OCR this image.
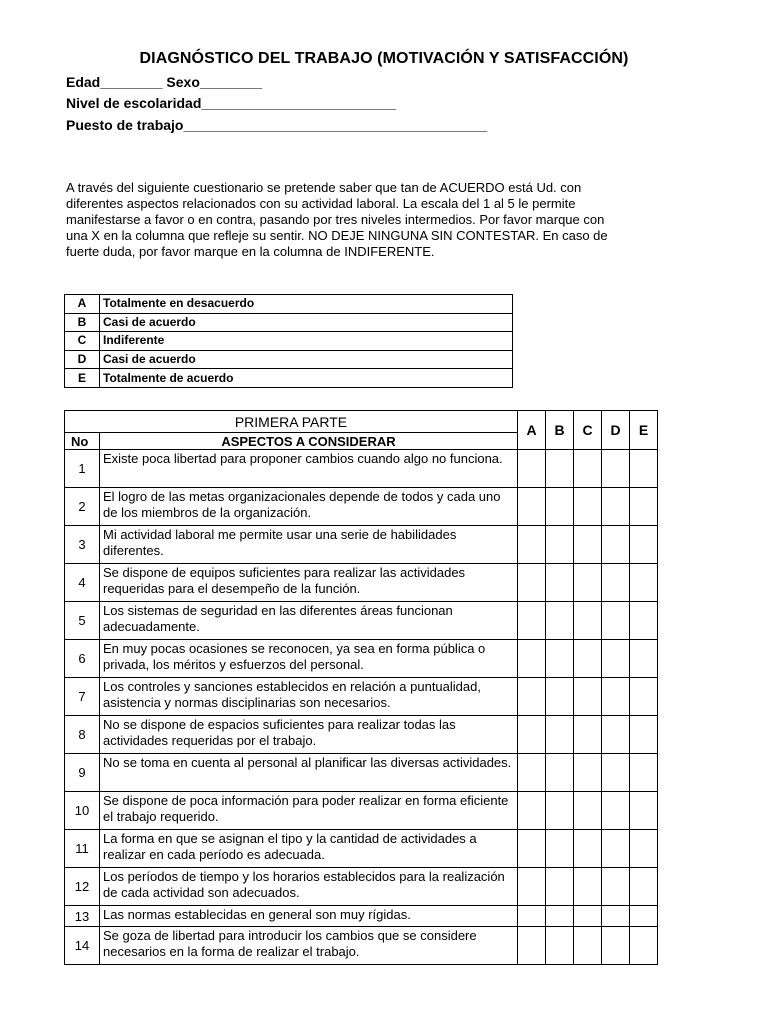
DIAGNÓSTICO DEL TRABAJO (MOTIVACIÓN Y SATISFACCIÓN)
Edad________ Sexo________
Nivel de escolaridad_________________________
Puesto de trabajo_______________________________________
A través del siguiente cuestionario se pretende saber que tan de ACUERDO está Ud. con
diferentes aspectos relacionados con su actividad laboral. La escala del 1 al 5 le permite
manifestarse a favor o en contra, pasando por tres niveles intermedios. Por favor marque con
una X en la columna que refleje su sentir. NO DEJE NINGUNA SIN CONTESTAR. En caso de
fuerte duda, por favor marque en la columna de INDIFERENTE.
A	Totalmente en desacuerdo
B	Casi de acuerdo
C	Indiferente
D	Casi de acuerdo
E	Totalmente de acuerdo
PRIMERA PARTE		A	B	C	D	E
No	ASPECTOS A CONSIDERAR					
1	Existe poca libertad para proponer cambios cuando algo no funciona.					
2	El logro de las metas organizacionales depende de todos y cada uno de los miembros de la organización.					
3	Mi actividad laboral me permite usar una serie de habilidades diferentes.					
4	Se dispone de equipos suficientes para realizar las actividades requeridas para el desempeño de la función.					
5	Los sistemas de seguridad en las diferentes áreas funcionan adecuadamente.					
6	En muy pocas ocasiones se reconocen, ya sea en forma pública o privada, los méritos y esfuerzos del personal.					
7	Los controles y sanciones establecidos en relación a puntualidad, asistencia y normas disciplinarias son necesarios.					
8	No se dispone de espacios suficientes para realizar todas las actividades requeridas por el trabajo.					
9	No se toma en cuenta al personal al planificar las diversas actividades.					
10	Se dispone de poca información para poder realizar en forma eficiente el trabajo requerido.					
11	La forma en que se asignan el tipo y la cantidad de actividades a realizar en cada período es adecuada.					
12	Los períodos de tiempo y los horarios establecidos para la realización de cada actividad son adecuados.					
13	Las normas establecidas en general son muy rígidas.					
14	Se goza de libertad para introducir los cambios que se considere necesarios en la forma de realizar el trabajo.					
